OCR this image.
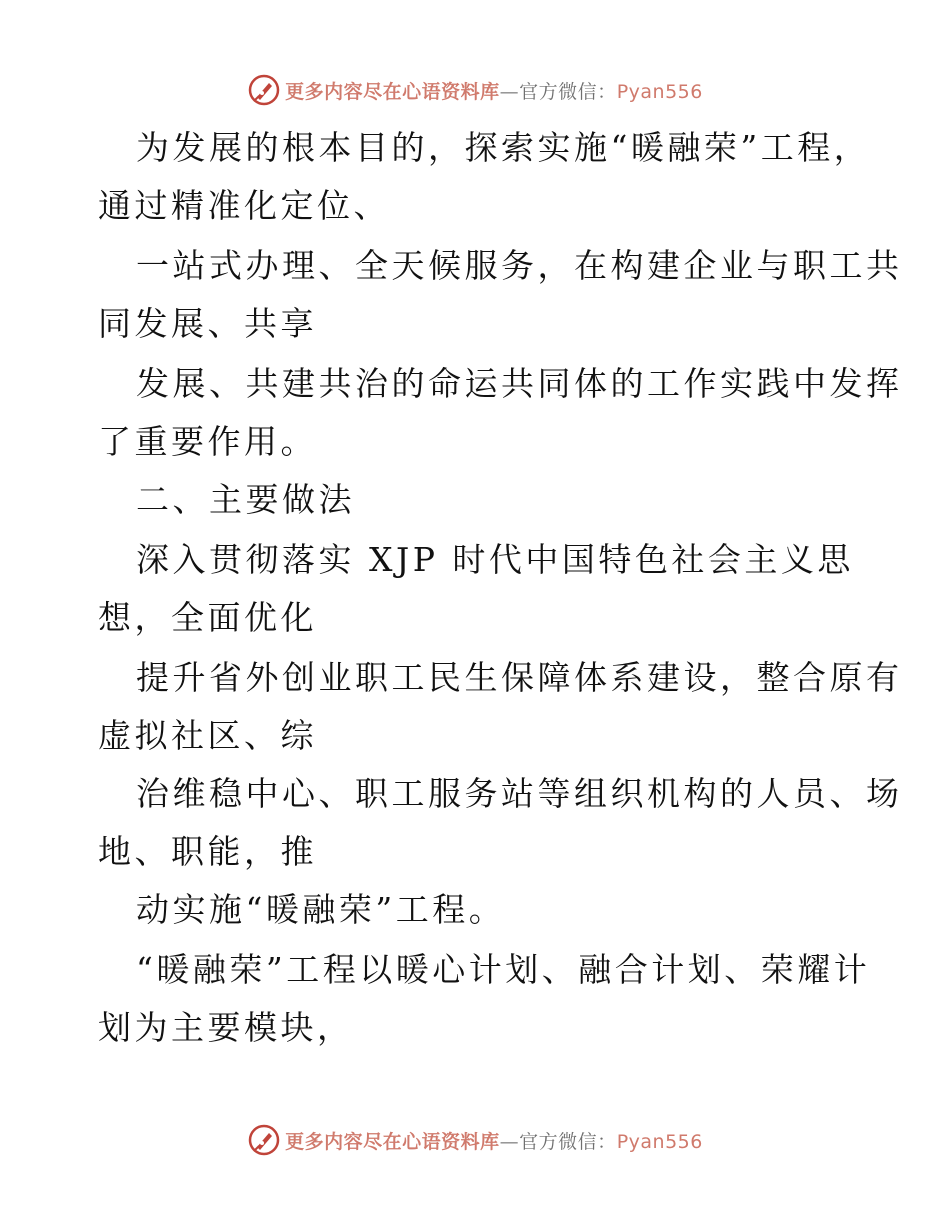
更多内容尽在心语资料库—官方微信：Pyan556
为发展的根本目的，探索实施“暖融荣”工程，
通过精准化定位、
一站式办理、全天候服务，在构建企业与职工共
同发展、共享
发展、共建共治的命运共同体的工作实践中发挥
了重要作用。
二、主要做法
深入贯彻落实 XJP 时代中国特色社会主义思
想，全面优化
提升省外创业职工民生保障体系建设，整合原有
虚拟社区、综
治维稳中心、职工服务站等组织机构的人员、场
地、职能，推
动实施“暖融荣”工程。
“暖融荣”工程以暖心计划、融合计划、荣耀计
划为主要模块，
更多内容尽在心语资料库—官方微信：Pyan556
